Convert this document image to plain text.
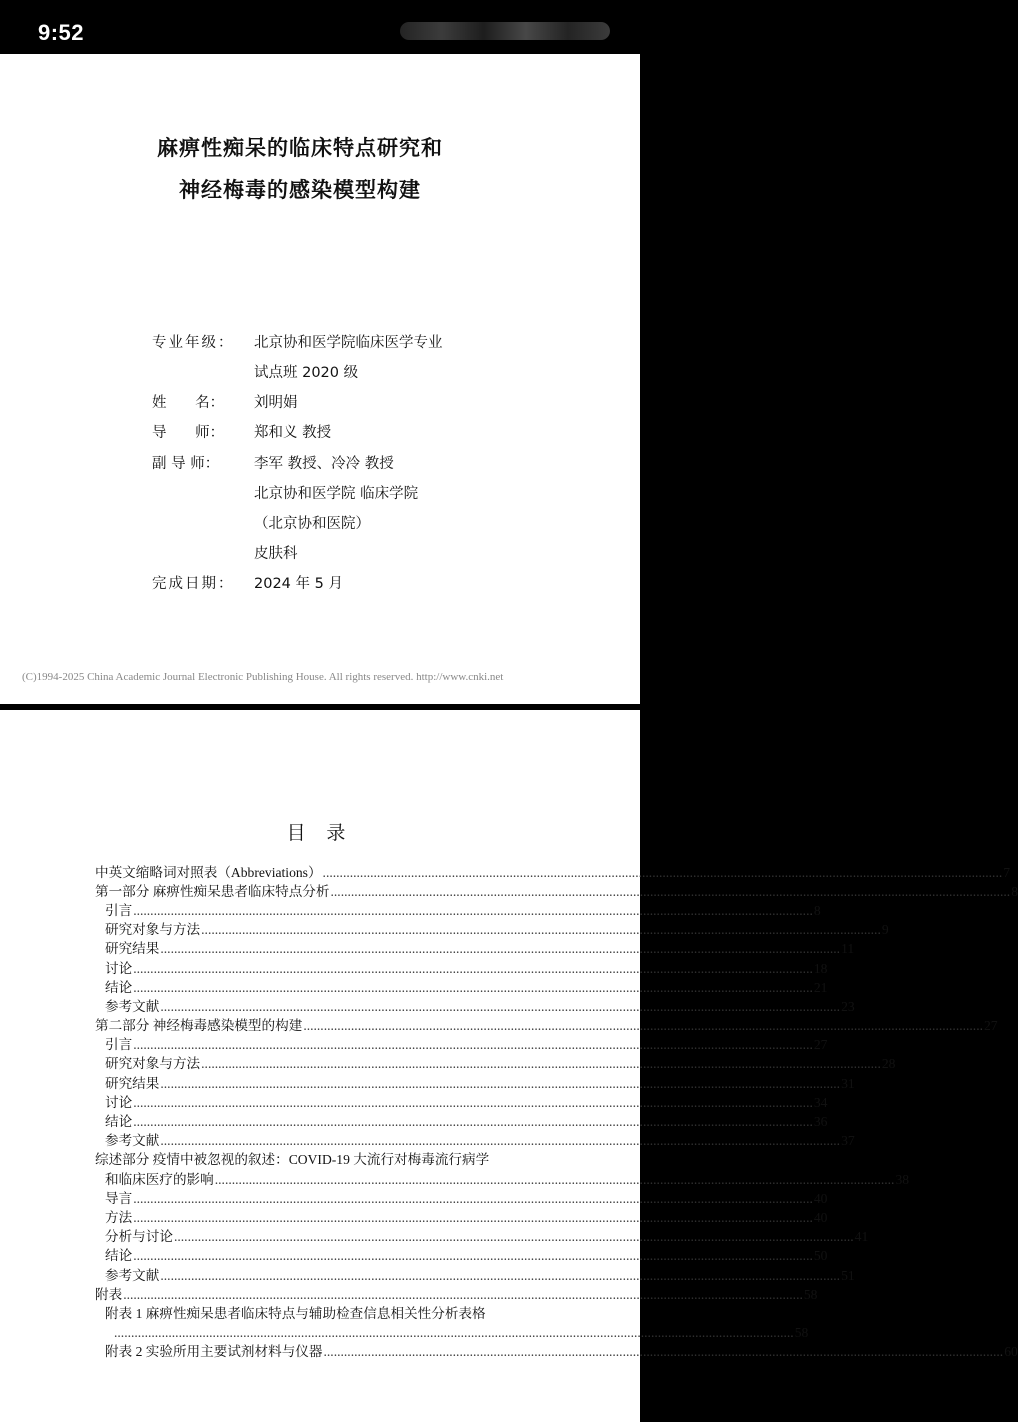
9:52
麻痹性痴呆的临床特点研究和
神经梅毒的感染模型构建
专业年级：	北京协和医学院临床医学专业
试点班 2020 级
姓 名：	刘明娟
导 师：	郑和义 教授
副 导 师：	李军 教授、冷冷 教授
北京协和医学院 临床学院
（北京协和医院）
皮肤科
完成日期：	2024 年 5 月
(C)1994-2025 China Academic Journal Electronic Publishing House. All rights reserved. http://www.cnki.net
目 录
中英文缩略词对照表（Abbreviations） ........................................................................................................................................................................................................ 7
第一部分 麻痹性痴呆患者临床特点分析 ........................................................................................................................................................................................................ 8
引言 ........................................................................................................................................................................................................ 8
研究对象与方法 ........................................................................................................................................................................................................ 9
研究结果 ........................................................................................................................................................................................................ 11
讨论 ........................................................................................................................................................................................................ 18
结论 ........................................................................................................................................................................................................ 21
参考文献 ........................................................................................................................................................................................................ 23
第二部分 神经梅毒感染模型的构建 ........................................................................................................................................................................................................ 27
引言 ........................................................................................................................................................................................................ 27
研究对象与方法 ........................................................................................................................................................................................................ 28
研究结果 ........................................................................................................................................................................................................ 31
讨论 ........................................................................................................................................................................................................ 34
结论 ........................................................................................................................................................................................................ 36
参考文献 ........................................................................................................................................................................................................ 37
综述部分 疫情中被忽视的叙述：COVID-19 大流行对梅毒流行病学
和临床医疗的影响 ........................................................................................................................................................................................................ 38
导言 ........................................................................................................................................................................................................ 40
方法 ........................................................................................................................................................................................................ 40
分析与讨论 ........................................................................................................................................................................................................ 41
结论 ........................................................................................................................................................................................................ 50
参考文献 ........................................................................................................................................................................................................ 51
附表 ........................................................................................................................................................................................................ 58
附表 1 麻痹性痴呆患者临床特点与辅助检查信息相关性分析表格
........................................................................................................................................................................................................ 58
附表 2 实验所用主要试剂材料与仪器 ........................................................................................................................................................................................................ 60
